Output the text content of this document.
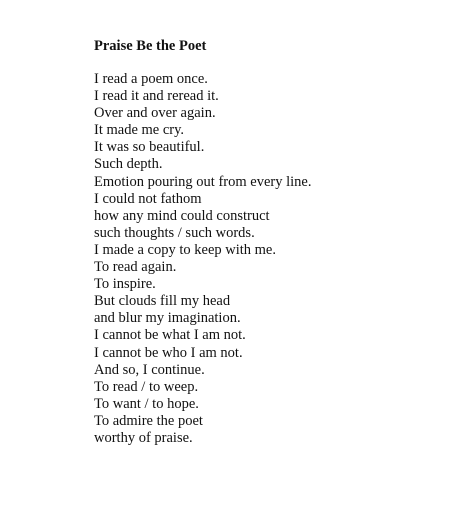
Praise Be the Poet
I read a poem once.
I read it and reread it.
Over and over again.
It made me cry.
It was so beautiful.
Such depth.
Emotion pouring out from every line.
I could not fathom
how any mind could construct
such thoughts / such words.
I made a copy to keep with me.
To read again.
To inspire.
But clouds fill my head
and blur my imagination.
I cannot be what I am not.
I cannot be who I am not.
And so, I continue.
To read / to weep.
To want / to hope.
To admire the poet
worthy of praise.
